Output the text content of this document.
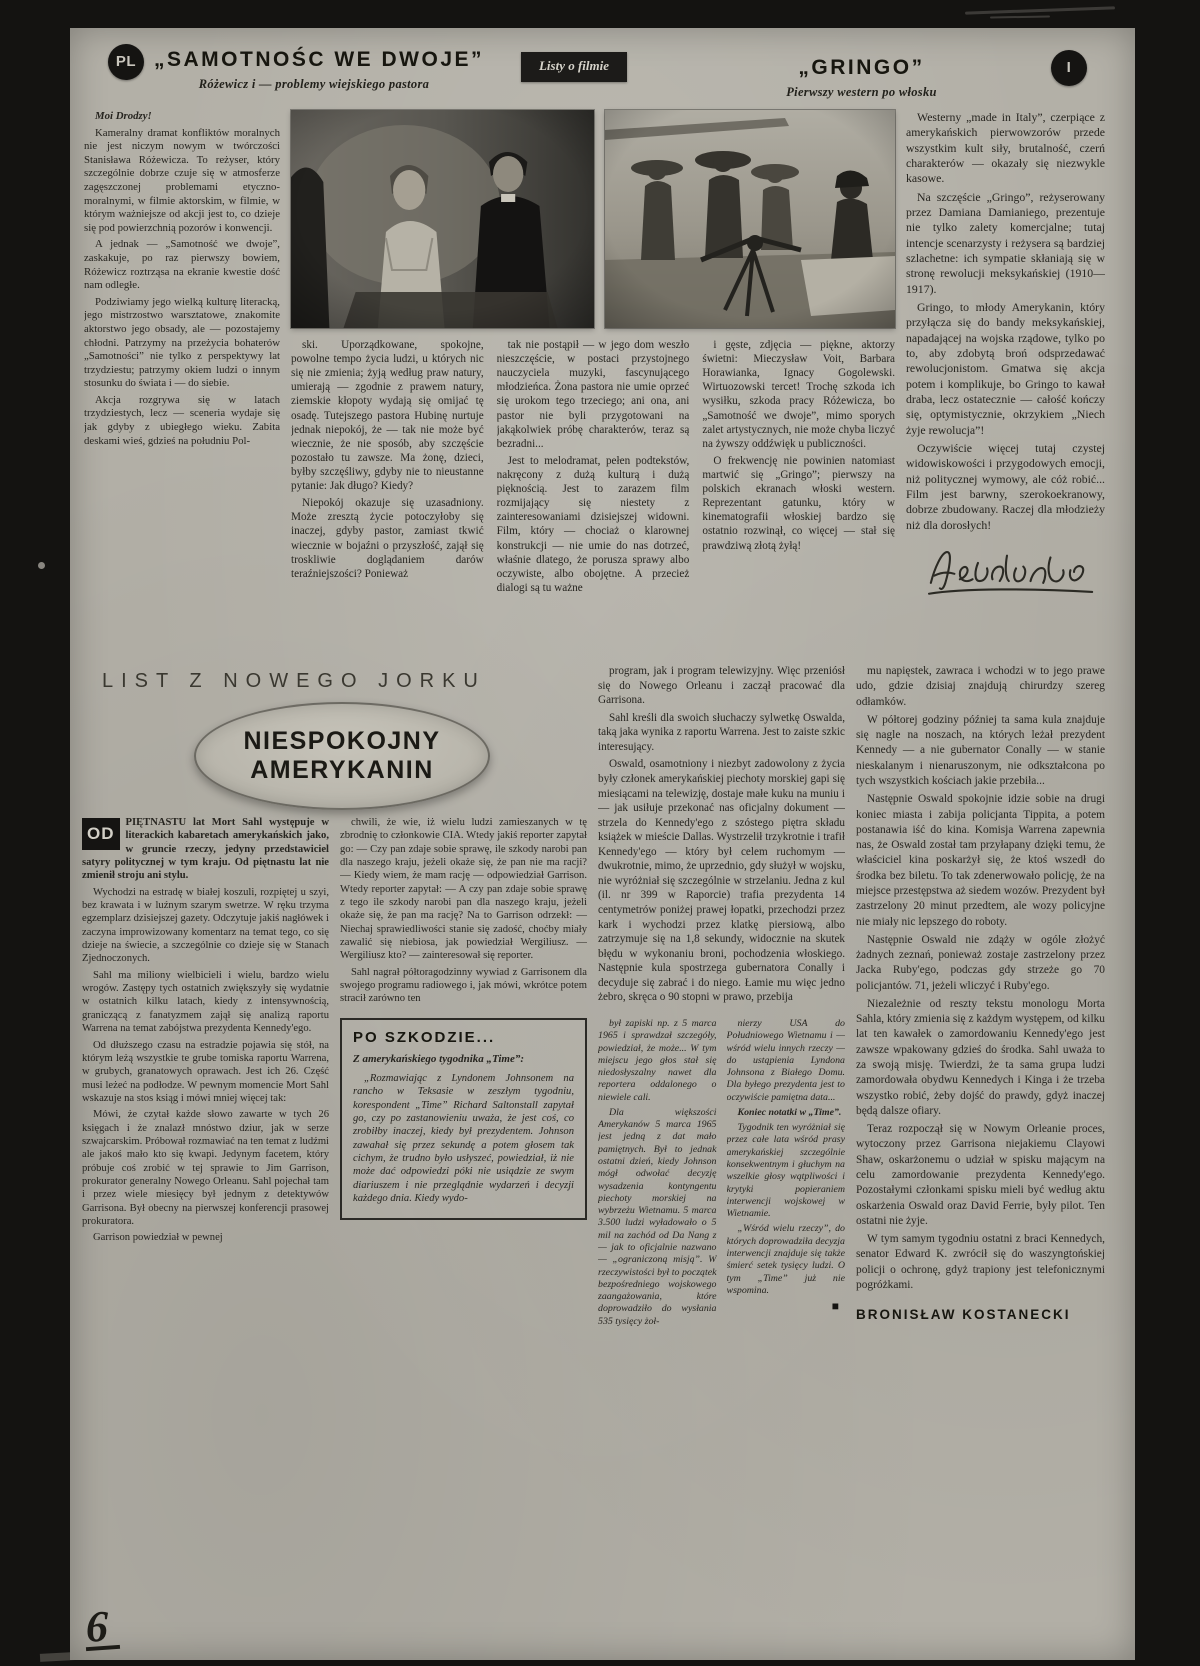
PL	I
„SAMOTNOŚC WE DWOJE”
Różewicz i — problemy wiejskiego pastora
Listy o filmie	„GRINGO”
Pierwszy western po włosku

Moi Drodzy!

Kameralny dramat konfliktów moralnych nie jest niczym nowym w twórczości Stanisława Różewicza. To reżyser, który szczególnie dobrze czuje się w atmosferze zagęszczonej problemami etyczno-moralnymi, w filmie aktorskim, w filmie, w którym ważniejsze od akcji jest to, co dzieje się pod powierzchnią pozorów i konwencji.

A jednak — „Samotność we dwoje”, zaskakuje, po raz pierwszy bowiem, Różewicz roztrząsa na ekranie kwestie dość nam odległe.

Podziwiamy jego wielką kulturę literacką, jego mistrzostwo warsztatowe, znakomite aktorstwo jego obsady, ale — pozostajemy chłodni. Patrzymy na przeżycia bohaterów „Samotności” nie tylko z perspektywy lat trzydziestu; patrzymy okiem ludzi o innym stosunku do świata i — do siebie.

Akcja rozgrywa się w latach trzydziestych, lecz — sceneria wydaje się jak gdyby z ubiegłego wieku. Zabita deskami wieś, gdzieś na południu Pol-

ski. Uporządkowane, spokojne, powolne tempo życia ludzi, u których nic się nie zmienia; żyją według praw natury, umierają — zgodnie z prawem natury, ziemskie kłopoty wydają się omijać tę osadę. Tutejszego pastora Hubinę nurtuje jednak niepokój, że — tak nie może być wiecznie, że nie sposób, aby szczęście pozostało tu zawsze. Ma żonę, dzieci, byłby szczęśliwy, gdyby nie to nieustanne pytanie: Jak długo? Kiedy?

Niepokój okazuje się uzasadniony. Może zresztą życie potoczyłoby się inaczej, gdyby pastor, zamiast tkwić wiecznie w bojaźni o przyszłość, zajął się troskliwie doglądaniem darów teraźniejszości? Ponieważ

tak nie postąpił — w jego dom weszło nieszczęście, w postaci przystojnego nauczyciela muzyki, fascynującego młodzieńca. Żona pastora nie umie oprzeć się urokom tego trzeciego; ani ona, ani pastor nie byli przygotowani na jakąkolwiek próbę charakterów, teraz są bezradni...

Jest to melodramat, pełen podtekstów, nakręcony z dużą kulturą i dużą pięknością. Jest to zarazem film rozmijający się niestety z zainteresowaniami dzisiejszej widowni. Film, który — chociaż o klarownej konstrukcji — nie umie do nas dotrzeć, właśnie dlatego, że porusza sprawy albo oczywiste, albo obojętne. A przecież dialogi są tu ważne

i gęste, zdjęcia — piękne, aktorzy świetni: Mieczysław Voit, Barbara Horawianka, Ignacy Gogolewski. Wirtuozowski tercet! Trochę szkoda ich wysiłku, szkoda pracy Różewicza, bo „Samotność we dwoje”, mimo sporych zalet artystycznych, nie może chyba liczyć na żywszy oddźwięk u publiczności.

O frekwencję nie powinien natomiast martwić się „Gringo”; pierwszy na polskich ekranach włoski western. Reprezentant gatunku, który w kinematografii włoskiej bardzo się ostatnio rozwinął, co więcej — stał się prawdziwą złotą żyłą!

Westerny „made in Italy”, czerpiące z amerykańskich pierwowzorów przede wszystkim kult siły, brutalność, czerń charakterów — okazały się niezwykle kasowe.

Na szczęście „Gringo”, reżyserowany przez Damiana Damianiego, prezentuje nie tylko zalety komercjalne; tutaj intencje scenarzysty i reżysera są bardziej szlachetne: ich sympatie skłaniają się w stronę rewolucji meksykańskiej (1910—1917).

Gringo, to młody Amerykanin, który przyłącza się do bandy meksykańskiej, napadającej na wojska rządowe, tylko po to, aby zdobytą broń odsprzedawać rewolucjonistom. Gmatwa się akcja potem i komplikuje, bo Gringo to kawał draba, lecz ostatecznie — całość kończy się, optymistycznie, okrzykiem „Niech żyje rewolucja”!

Oczywiście więcej tutaj czystej widowiskowości i przygodowych emocji, niż politycznej wymowy, ale cóż robić... Film jest barwny, szerokoekranowy, dobrze zbudowany. Raczej dla młodzieży niż dla dorosłych!

LIST Z NOWEGO JORKU
NIESPOKOJNY
AMERYKANIN

OD
PIĘTNASTU lat Mort Sahl występuje w literackich kabaretach amerykańskich jako, w gruncie rzeczy, jedyny przedstawiciel satyry politycznej w tym kraju. Od piętnastu lat nie zmienił stroju ani stylu.

Wychodzi na estradę w białej koszuli, rozpiętej u szyi, bez krawata i w luźnym szarym swetrze. W ręku trzyma egzemplarz dzisiejszej gazety. Odczytuje jakiś nagłówek i zaczyna improwizowany komentarz na temat tego, co się dzieje na świecie, a szczególnie co dzieje się w Stanach Zjednoczonych.

Sahl ma miliony wielbicieli i wielu, bardzo wielu wrogów. Zastępy tych ostatnich zwiększyły się wydatnie w ostatnich kilku latach, kiedy z intensywnością, graniczącą z fanatyzmem zajął się analizą raportu Warrena na temat zabójstwa prezydenta Kennedy'ego.

Od dłuższego czasu na estradzie pojawia się stół, na którym leżą wszystkie te grube tomiska raportu Warrena, w grubych, granatowych oprawach. Jest ich 26. Część musi leżeć na podłodze. W pewnym momencie Mort Sahl wskazuje na stos ksiąg i mówi mniej więcej tak:

Mówi, że czytał każde słowo zawarte w tych 26 księgach i że znalazł mnóstwo dziur, jak w serze szwajcarskim. Próbował rozmawiać na ten temat z ludźmi ale jakoś mało kto się kwapi. Jedynym facetem, który próbuje coś zrobić w tej sprawie to Jim Garrison, prokurator generalny Nowego Orleanu. Sahl pojechał tam i przez wiele miesięcy był jednym z detektywów Garrisona. Był obecny na pierwszej konferencji prasowej prokuratora.

Garrison powiedział w pewnej

chwili, że wie, iż wielu ludzi zamieszanych w tę zbrodnię to członkowie CIA. Wtedy jakiś reporter zapytał go: — Czy pan zdaje sobie sprawę, ile szkody narobi pan dla naszego kraju, jeżeli okaże się, że pan nie ma racji? — Kiedy wiem, że mam rację — odpowiedział Garrison. Wtedy reporter zapytał: — A czy pan zdaje sobie sprawę z tego ile szkody narobi pan dla naszego kraju, jeżeli okaże się, że pan ma rację? Na to Garrison odrzekł: — Niechaj sprawiedliwości stanie się zadość, choćby miały zawalić się niebiosa, jak powiedział Wergiliusz. — Wergiliusz kto? — zainteresował się reporter.

Sahl nagrał półtoragodzinny wywiad z Garrisonem dla swojego programu radiowego i, jak mówi, wkrótce potem stracił zarówno ten

PO SZKODZIE...
Z amerykańskiego tygodnika „Time”:

„Rozmawiając z Lyndonem Johnsonem na rancho w Teksasie w zeszłym tygodniu, korespondent „Time” Richard Saltonstall zapytał go, czy po zastanowieniu uważa, że jest coś, co zrobiłby inaczej, kiedy był prezydentem. Johnson zawahał się przez sekundę a potem głosem tak cichym, że trudno było usłyszeć, powiedział, iż nie może dać odpowiedzi póki nie usiądzie ze swym diariuszem i nie przeglądnie wydarzeń i decyzji każdego dnia. Kiedy wydo-

program, jak i program telewizyjny. Więc przeniósł się do Nowego Orleanu i zaczął pracować dla Garrisona.

Sahl kreśli dla swoich słuchaczy sylwetkę Oswalda, taką jaka wynika z raportu Warrena. Jest to zaiste szkic interesujący.

Oswald, osamotniony i niezbyt zadowolony z życia były członek amerykańskiej piechoty morskiej gapi się miesiącami na telewizję, dostaje małe kuku na muniu i — jak usiłuje przekonać nas oficjalny dokument — strzela do Kennedy'ego z szóstego piętra składu książek w mieście Dallas. Wystrzelił trzykrotnie i trafił Kennedy'ego — który był celem ruchomym — dwukrotnie, mimo, że uprzednio, gdy służył w wojsku, nie wyróżniał się szczególnie w strzelaniu. Jedna z kul (il. nr 399 w Raporcie) trafia prezydenta 14 centymetrów poniżej prawej łopatki, przechodzi przez kark i wychodzi przez klatkę piersiową, albo zatrzymuje się na 1,8 sekundy, widocznie na skutek błędu w wykonaniu broni, pochodzenia włoskiego. Następnie kula spostrzega gubernatora Conally i decyduje się zabrać i do niego. Łamie mu więc jedno żebro, skręca o 90 stopni w prawo, przebija

był zapiski np. z 5 marca 1965 i sprawdzał szczegóły, powiedział, że może... W tym miejscu jego głos stał się niedosłyszalny nawet dla reportera oddalonego o niewiele cali.

Dla większości Amerykanów 5 marca 1965 jest jedną z dat mało pamiętnych. Był to jednak ostatni dzień, kiedy Johnson mógł odwołać decyzję wysadzenia kontyngentu piechoty morskiej na wybrzeżu Wietnamu. 5 marca 3.500 ludzi wyładowało o 5 mil na zachód od Da Nang z — jak to oficjalnie nazwano — „ograniczoną misją”. W rzeczywistości był to początek bezpośredniego wojskowego zaangażowania, które doprowadziło do wysłania 535 tysięcy żoł-

nierzy USA do Południowego Wietnamu i — wśród wielu innych rzeczy — do ustąpienia Lyndona Johnsona z Białego Domu. Dla byłego prezydenta jest to oczywiście pamiętna data...

Koniec notatki w „Time”.

Tygodnik ten wyróżniał się przez całe lata wśród prasy amerykańskiej szczególnie konsekwentnym i głuchym na wszelkie głosy wątpliwości i krytyki popieraniem interwencji wojskowej w Wietnamie.

„Wśród wielu rzeczy”, do których doprowadziła decyzja interwencji znajduje się także śmierć setek tysięcy ludzi. O tym „Time” już nie wspomina.

■

mu napięstek, zawraca i wchodzi w to jego prawe udo, gdzie dzisiaj znajdują chirurdzy szereg odłamków.

W półtorej godziny później ta sama kula znajduje się nagle na noszach, na których leżał prezydent Kennedy — a nie gubernator Conally — w stanie nieskalanym i nienaruszonym, nie odkształcona po tych wszystkich kościach jakie przebiła...

Następnie Oswald spokojnie idzie sobie na drugi koniec miasta i zabija policjanta Tippita, a potem postanawia iść do kina. Komisja Warrena zapewnia nas, że Oswald został tam przyłapany dzięki temu, że właściciel kina poskarżył się, że ktoś wszedł do środka bez biletu. To tak zdenerwowało policję, że na miejsce przestępstwa aż siedem wozów. Prezydent był zastrzelony 20 minut przedtem, ale wozy policyjne nie miały nic lepszego do roboty.

Następnie Oswald nie zdąży w ogóle złożyć żadnych zeznań, ponieważ zostaje zastrzelony przez Jacka Ruby'ego, podczas gdy strzeże go 70 policjantów. 71, jeżeli wliczyć i Ruby'ego.

Niezależnie od reszty tekstu monologu Morta Sahla, który zmienia się z każdym występem, od kilku lat ten kawałek o zamordowaniu Kennedy'ego jest zawsze wpakowany gdzieś do środka. Sahl uważa to za swoją misję. Twierdzi, że ta sama grupa ludzi zamordowała obydwu Kennedych i Kinga i że trzeba wszystko robić, żeby dojść do prawdy, gdyż inaczej będą dalsze ofiary.

Teraz rozpoczął się w Nowym Orleanie proces, wytoczony przez Garrisona niejakiemu Clayowi Shaw, oskarżonemu o udział w spisku mającym na celu zamordowanie prezydenta Kennedy'ego. Pozostałymi członkami spisku mieli być według aktu oskarżenia Oswald oraz David Ferrie, były pilot. Ten ostatni nie żyje.

W tym samym tygodniu ostatni z braci Kennedych, senator Edward K. zwrócił się do waszyngtońskiej policji o ochronę, gdyż trapiony jest telefonicznymi pogróżkami.

BRONISŁAW KOSTANECKI
6
